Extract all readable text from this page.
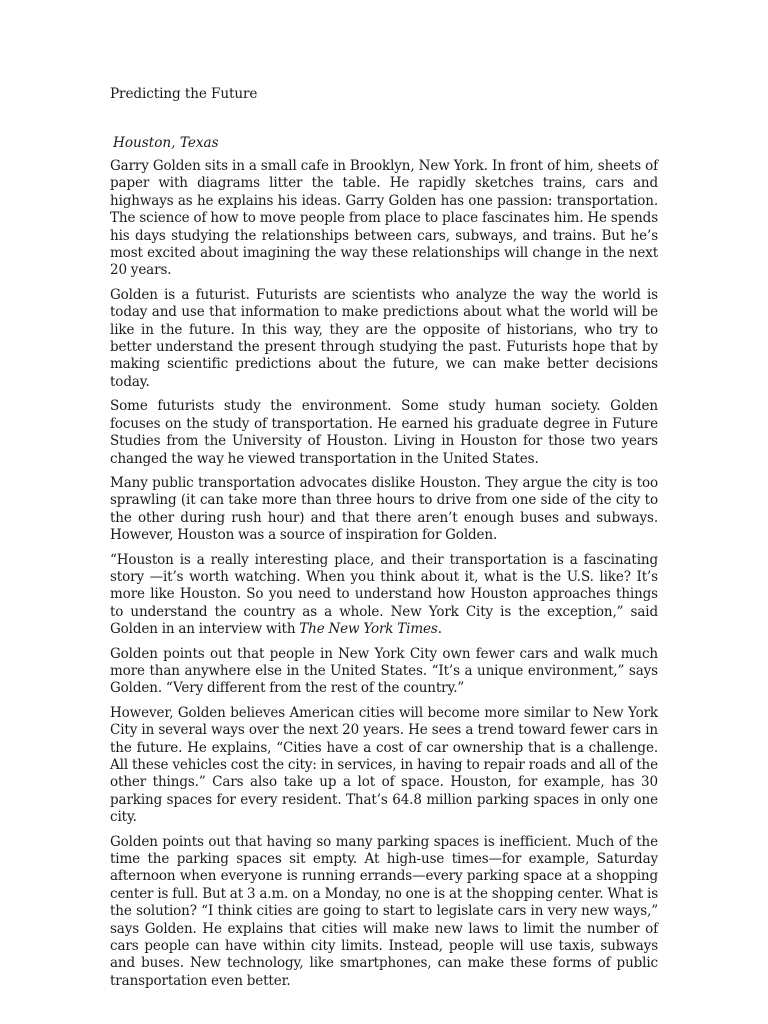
Predicting the Future
Houston, Texas

Garry Golden sits in a small cafe in Brooklyn, New York. In front of him, sheets of paper with diagrams litter the table. He rapidly sketches trains, cars and highways as he explains his ideas. Garry Golden has one passion: transportation. The science of how to move people from place to place fascinates him. He spends his days studying the relationships between cars, subways, and trains. But he’s most excited about imagining the way these relationships will change in the next 20 years.

Golden is a futurist. Futurists are scientists who analyze the way the world is today and use that information to make predictions about what the world will be like in the future. In this way, they are the opposite of historians, who try to better understand the present through studying the past. Futurists hope that by making scientific predictions about the future, we can make better decisions today.

Some futurists study the environment. Some study human society. Golden focuses on the study of transportation. He earned his graduate degree in Future Studies from the University of Houston. Living in Houston for those two years changed the way he viewed transportation in the United States.

Many public transportation advocates dislike Houston. They argue the city is too sprawling (it can take more than three hours to drive from one side of the city to the other during rush hour) and that there aren’t enough buses and subways. However, Houston was a source of inspiration for Golden.

“Houston is a really interesting place, and their transportation is a fascinating story —it’s worth watching. When you think about it, what is the U.S. like? It’s more like Houston. So you need to understand how Houston approaches things to understand the country as a whole. New York City is the exception,” said Golden in an interview with The New York Times.

Golden points out that people in New York City own fewer cars and walk much more than anywhere else in the United States. “It’s a unique environment,” says Golden. “Very different from the rest of the country.”

However, Golden believes American cities will become more similar to New York City in several ways over the next 20 years. He sees a trend toward fewer cars in the future. He explains, “Cities have a cost of car ownership that is a challenge. All these vehicles cost the city: in services, in having to repair roads and all of the other things.” Cars also take up a lot of space. Houston, for example, has 30 parking spaces for every resident. That’s 64.8 million parking spaces in only one city.

Golden points out that having so many parking spaces is inefficient. Much of the time the parking spaces sit empty. At high-use times—for example, Saturday afternoon when everyone is running errands—every parking space at a shopping center is full. But at 3 a.m. on a Monday, no one is at the shopping center. What is the solution? “I think cities are going to start to legislate cars in very new ways,” says Golden. He explains that cities will make new laws to limit the number of cars people can have within city limits. Instead, people will use taxis, subways and buses. New technology, like smartphones, can make these forms of public transportation even better.
